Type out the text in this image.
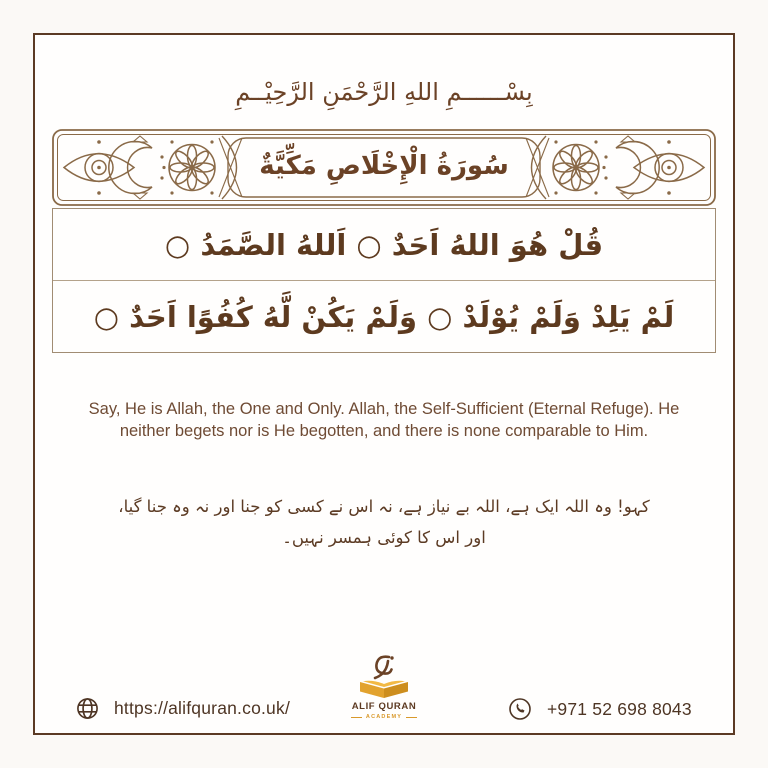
بِسْــــــمِ اللهِ الرَّحْمَنِ الرَّحِيْــمِ
سُورَةُ الْإِخْلَاصِ مَكِّيَّةٌ
قُلْ هُوَ اللهُ اَحَدٌ ○ اَللهُ الصَّمَدُ ○
لَمْ يَلِدْ وَلَمْ يُوْلَدْ ○ وَلَمْ يَكُنْ لَّهُ كُفُوًا اَحَدٌ ○
Say, He is Allah, the One and Only. Allah, the Self-Sufficient (Eternal Refuge). He neither begets nor is He begotten, and there is none comparable to Him.
کہو! وہ اللہ ایک ہے، اللہ بے نیاز ہے، نہ اس نے کسی کو جنا اور نہ وہ جنا گیا،
اور اس کا کوئی ہمسر نہیں۔
https://alifquran.co.uk/	ALIF QURAN
ACADEMY	+971 52 698 8043
